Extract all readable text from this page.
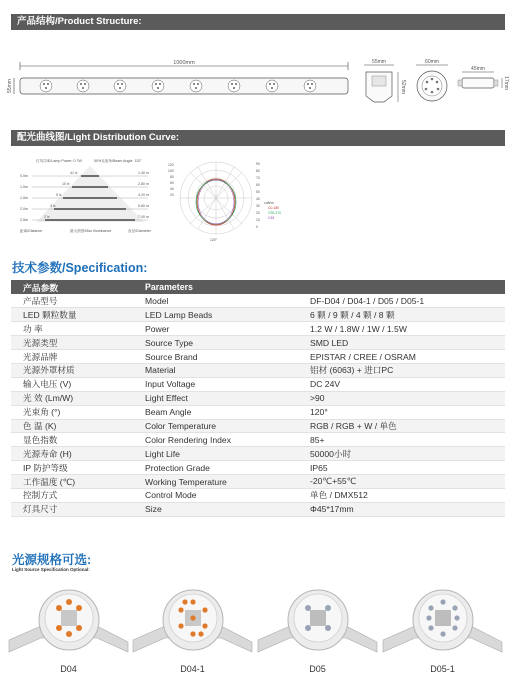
产品结构/Product Structure:
1000mm
55mm
55mm
52mm
60mm
45mm
17mm
配光曲线图/Light Distribution Curve:
灯具功率/Lamp Power: 0.7W	50%光束角/Beam Angle: 120°
0.5m
1.0m
1.5m
2.0m
2.5m
41 lx
10 lx
5 lx
3 lx
2 lx
1.40 m
2.80 m
4.20 m
5.60 m
7.00 m
距离/Distance	最大照度/Max Illuminance	直径/Diameter
120
100
80
60
40
20
90
80
70
60
50
40
30
20
10
0
120°
cd/klm
C0-180
C90-270
C45
技术参数/Specification:
产品参数	Parameters	
产品型号	Model	DF-D04 / D04-1 / D05 / D05-1
LED 颗粒数量	LED Lamp Beads	6 颗 / 9 颗 / 4 颗 / 8 颗
功 率	Power	1.2 W / 1.8W / 1W / 1.5W
光源类型	Source Type	SMD LED
光源品牌	Source Brand	EPISTAR / CREE / OSRAM
光源外罩材质	Material	铝材 (6063) + 进口PC
输入电压 (V)	Input Voltage	DC 24V
光 效 (Lm/W)	Light Effect	>90
光束角 (°)	Beam Angle	120°
色 温 (K)	Color Temperature	RGB / RGB + W / 单色
显色指数	Color Rendering Index	85+
光源寿命 (H)	Light Life	50000小时
IP 防护等级	Protection Grade	IP65
工作温度 (℃)	Working Temperature	-20℃+55℃
控制方式	Control Mode	单色 / DMX512
灯具尺寸	Size	Φ45*17mm
光源规格可选:
Light Source Specification Optional:
D04	D04-1	D05	D05-1
